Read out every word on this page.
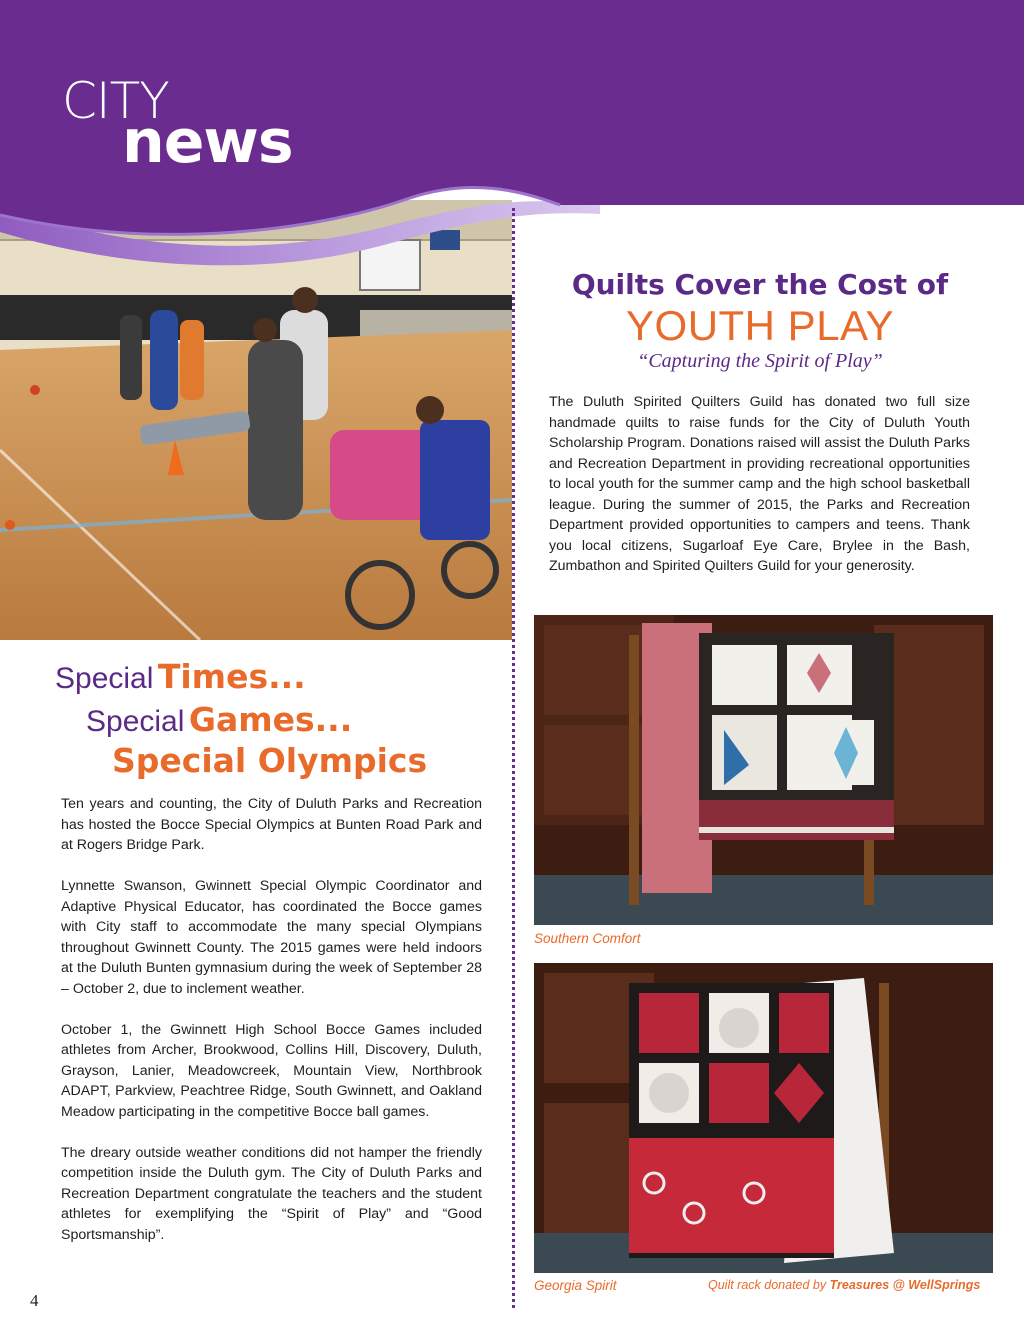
CITY
news
Quilts Cover the Cost of
YOUTH PLAY
“Capturing the Spirit of Play”
The Duluth Spirited Quilters Guild has donated two full size handmade quilts to raise funds for the City of Duluth Youth Scholarship Program. Donations raised will assist the Duluth Parks and Recreation Department in providing recreational opportunities to local youth for the summer camp and the high school basketball league. During the summer of 2015, the Parks and Recreation Department provided opportunities to campers and teens. Thank you local citizens, Sugarloaf Eye Care, Brylee in the Bash, Zumbathon and Spirited Quilters Guild for your generosity.
Southern Comfort
Georgia Spirit	Quilt rack donated by Treasures @ WellSprings
Special Times...
Special Games...
Special Olympics

Ten years and counting, the City of Duluth Parks and Recreation has hosted the Bocce Special Olympics at Bunten Road Park and at Rogers Bridge Park.

Lynnette Swanson, Gwinnett Special Olympic Coordinator and Adaptive Physical Educator, has coordinated the Bocce games with City staff to accommodate the many special Olympians throughout Gwinnett County. The 2015 games were held indoors at the Duluth Bunten gymnasium during the week of September 28 – October 2, due to inclement weather.

October 1, the Gwinnett High School Bocce Games included athletes from Archer, Brookwood, Collins Hill, Discovery, Duluth, Grayson, Lanier, Meadowcreek, Mountain View, Northbrook ADAPT, Parkview, Peachtree Ridge, South Gwinnett, and Oakland Meadow participating in the competitive Bocce ball games.

The dreary outside weather conditions did not hamper the friendly competition inside the Duluth gym. The City of Duluth Parks and Recreation Department congratulate the teachers and the student athletes for exemplifying the “Spirit of Play” and “Good Sportsmanship”.

4
